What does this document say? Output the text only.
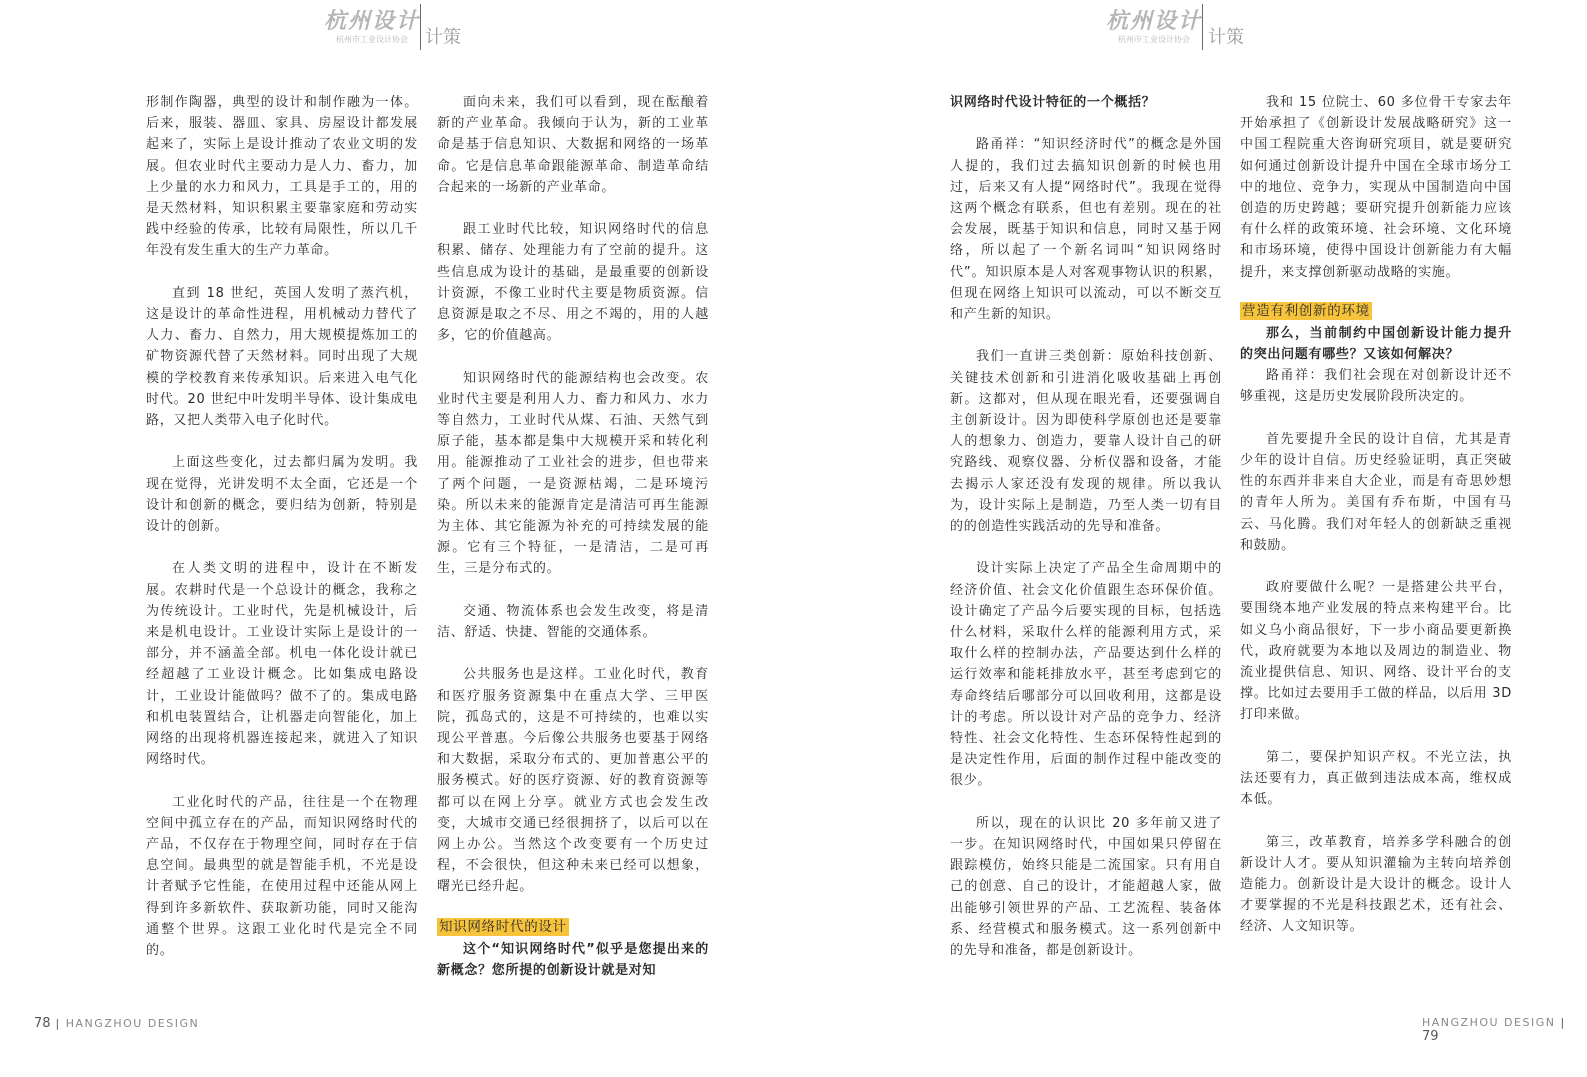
杭州设计
杭州市工业设计协会 计策
杭州设计
杭州市工业设计协会	计策

形制作陶器，典型的设计和制作融为一体。后来，服装、器皿、家具、房屋设计都发展起来了，实际上是设计推动了农业文明的发展。但农业时代主要动力是人力、畜力，加上少量的水力和风力，工具是手工的，用的是天然材料，知识积累主要靠家庭和劳动实践中经验的传承，比较有局限性，所以几千年没有发生重大的生产力革命。

直到 18 世纪，英国人发明了蒸汽机，这是设计的革命性进程，用机械动力替代了人力、畜力、自然力，用大规模提炼加工的矿物资源代替了天然材料。同时出现了大规模的学校教育来传承知识。后来进入电气化时代。20 世纪中叶发明半导体、设计集成电路，又把人类带入电子化时代。

上面这些变化，过去都归属为发明。我现在觉得，光讲发明不太全面，它还是一个设计和创新的概念，要归结为创新，特别是设计的创新。

在人类文明的进程中，设计在不断发展。农耕时代是一个总设计的概念，我称之为传统设计。工业时代，先是机械设计，后来是机电设计。工业设计实际上是设计的一部分，并不涵盖全部。机电一体化设计就已经超越了工业设计概念。比如集成电路设计，工业设计能做吗？做不了的。集成电路和机电装置结合，让机器走向智能化，加上网络的出现将机器连接起来，就进入了知识网络时代。

工业化时代的产品，往往是一个在物理空间中孤立存在的产品，而知识网络时代的产品，不仅存在于物理空间，同时存在于信息空间。最典型的就是智能手机，不光是设计者赋予它性能，在使用过程中还能从网上得到许多新软件、获取新功能，同时又能沟通整个世界。这跟工业化时代是完全不同的。

面向未来，我们可以看到，现在酝酿着新的产业革命。我倾向于认为，新的工业革命是基于信息知识、大数据和网络的一场革命。它是信息革命跟能源革命、制造革命结合起来的一场新的产业革命。

跟工业时代比较，知识网络时代的信息积累、储存、处理能力有了空前的提升。这些信息成为设计的基础，是最重要的创新设计资源，不像工业时代主要是物质资源。信息资源是取之不尽、用之不竭的，用的人越多，它的价值越高。

知识网络时代的能源结构也会改变。农业时代主要是利用人力、畜力和风力、水力等自然力，工业时代从煤、石油、天然气到原子能，基本都是集中大规模开采和转化利用。能源推动了工业社会的进步，但也带来了两个问题，一是资源枯竭，二是环境污染。所以未来的能源肯定是清洁可再生能源为主体、其它能源为补充的可持续发展的能源。它有三个特征，一是清洁，二是可再生，三是分布式的。

交通、物流体系也会发生改变，将是清洁、舒适、快捷、智能的交通体系。

公共服务也是这样。工业化时代，教育和医疗服务资源集中在重点大学、三甲医院，孤岛式的，这是不可持续的，也难以实现公平普惠。今后像公共服务也要基于网络和大数据，采取分布式的、更加普惠公平的服务模式。好的医疗资源、好的教育资源等都可以在网上分享。就业方式也会发生改变，大城市交通已经很拥挤了，以后可以在网上办公。当然这个改变要有一个历史过程，不会很快，但这种未来已经可以想象，曙光已经升起。

知识网络时代的设计

这个“知识网络时代”似乎是您提出来的新概念？您所提的创新设计就是对知

识网络时代设计特征的一个概括？

路甬祥：“知识经济时代”的概念是外国人提的，我们过去搞知识创新的时候也用过，后来又有人提“网络时代”。我现在觉得这两个概念有联系，但也有差别。现在的社会发展，既基于知识和信息，同时又基于网络，所以起了一个新名词叫“知识网络时代”。知识原本是人对客观事物认识的积累，但现在网络上知识可以流动，可以不断交互和产生新的知识。

我们一直讲三类创新：原始科技创新、关键技术创新和引进消化吸收基础上再创新。这都对，但从现在眼光看，还要强调自主创新设计。因为即使科学原创也还是要靠人的想象力、创造力，要靠人设计自己的研究路线、观察仪器、分析仪器和设备，才能去揭示人家还没有发现的规律。所以我认为，设计实际上是制造，乃至人类一切有目的的创造性实践活动的先导和准备。

设计实际上决定了产品全生命周期中的经济价值、社会文化价值跟生态环保价值。设计确定了产品今后要实现的目标，包括选什么材料，采取什么样的能源利用方式，采取什么样的控制办法，产品要达到什么样的运行效率和能耗排放水平，甚至考虑到它的寿命终结后哪部分可以回收利用，这都是设计的考虑。所以设计对产品的竞争力、经济特性、社会文化特性、生态环保特性起到的是决定性作用，后面的制作过程中能改变的很少。

所以，现在的认识比 20 多年前又进了一步。在知识网络时代，中国如果只停留在跟踪模仿，始终只能是二流国家。只有用自己的创意、自己的设计，才能超越人家，做出能够引领世界的产品、工艺流程、装备体系、经营模式和服务模式。这一系列创新中的先导和准备，都是创新设计。

我和 15 位院士、60 多位骨干专家去年开始承担了《创新设计发展战略研究》这一中国工程院重大咨询研究项目，就是要研究如何通过创新设计提升中国在全球市场分工中的地位、竞争力，实现从中国制造向中国创造的历史跨越；要研究提升创新能力应该有什么样的政策环境、社会环境、文化环境和市场环境，使得中国设计创新能力有大幅提升，来支撑创新驱动战略的实施。

营造有利创新的环境

那么，当前制约中国创新设计能力提升的突出问题有哪些？又该如何解决？

路甬祥：我们社会现在对创新设计还不够重视，这是历史发展阶段所决定的。

首先要提升全民的设计自信，尤其是青少年的设计自信。历史经验证明，真正突破性的东西并非来自大企业，而是有奇思妙想的青年人所为。美国有乔布斯，中国有马云、马化腾。我们对年轻人的创新缺乏重视和鼓励。

政府要做什么呢？一是搭建公共平台，要围绕本地产业发展的特点来构建平台。比如义乌小商品很好，下一步小商品要更新换代，政府就要为本地以及周边的制造业、物流业提供信息、知识、网络、设计平台的支撑。比如过去要用手工做的样品，以后用 3D 打印来做。

第二，要保护知识产权。不光立法，执法还要有力，真正做到违法成本高，维权成本低。

第三，改革教育，培养多学科融合的创新设计人才。要从知识灌输为主转向培养创造能力。创新设计是大设计的概念。设计人才要掌握的不光是科技跟艺术，还有社会、经济、人文知识等。

78 | HANGZHOU DESIGN	HANGZHOU DESIGN | 79
